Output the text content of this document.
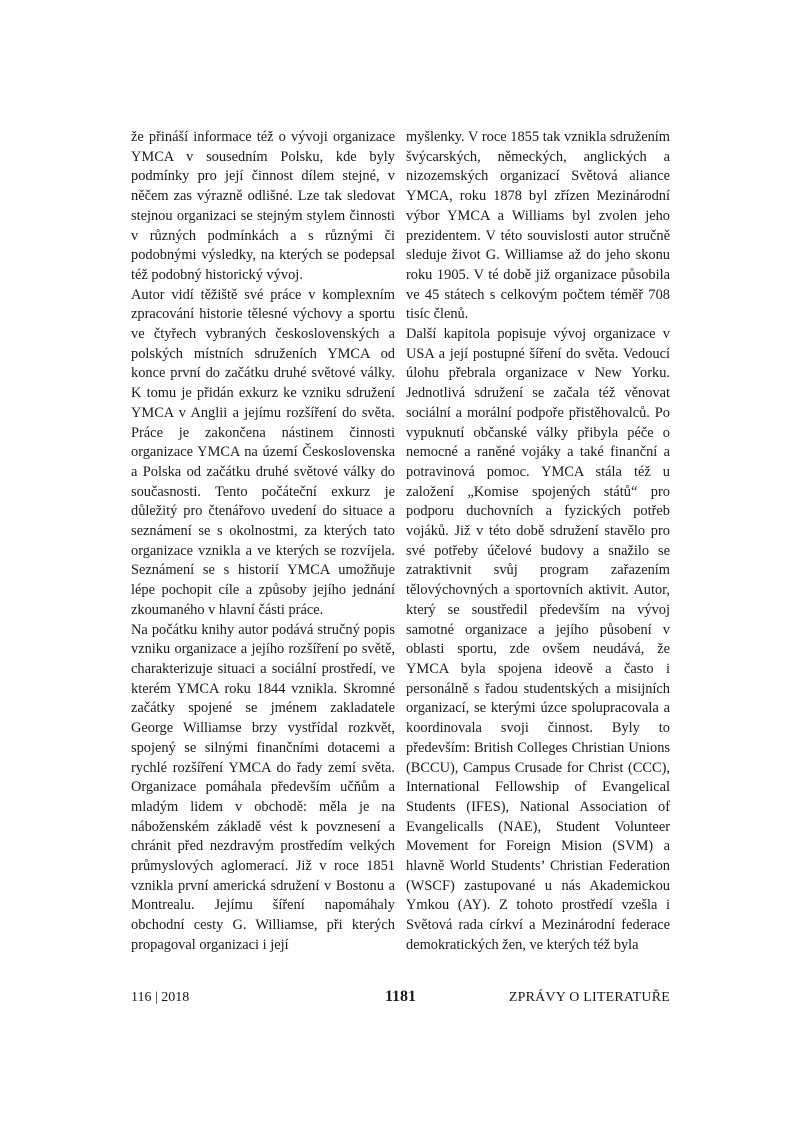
že přináší informace též o vývoji organizace YMCA v sousedním Polsku, kde byly podmínky pro její činnost dílem stejné, v něčem zas výrazně odlišné. Lze tak sledovat stejnou organizaci se stejným stylem činnosti v různých podmínkách a s různými či podobnými výsledky, na kterých se podepsal též podobný historický vývoj.

Autor vidí těžiště své práce v komplexním zpracování historie tělesné výchovy a sportu ve čtyřech vybraných československých a polských místních sdruženích YMCA od konce první do začátku druhé světové války. K tomu je přidán exkurz ke vzniku sdružení YMCA v Anglii a jejímu rozšíření do světa. Práce je zakončena nástinem činnosti organizace YMCA na území Československa a Polska od začátku druhé světové války do současnosti. Tento počáteční exkurz je důležitý pro čtenářovo uvedení do situace a seznámení se s okolnostmi, za kterých tato organizace vznikla a ve kterých se rozvíjela. Seznámení se s historií YMCA umožňuje lépe pochopit cíle a způsoby jejího jednání zkoumaného v hlavní části práce.

Na počátku knihy autor podává stručný popis vzniku organizace a jejího rozšíření po světě, charakterizuje situaci a sociální prostředí, ve kterém YMCA roku 1844 vznikla. Skromné začátky spojené se jménem zakladatele George Williamse brzy vystřídal rozkvět, spojený se silnými finančními dotacemi a rychlé rozšíření YMCA do řady zemí světa. Organizace pomáhala především učňům a mladým lidem v obchodě: měla je na náboženském základě vést k povznesení a chránit před nezdravým prostředím velkých průmyslových aglomerací. Již v roce 1851 vznikla první americká sdružení v Bostonu a Montrealu. Jejímu šíření napomáhaly obchodní cesty G. Williamse, při kterých propagoval organizaci i její

myšlenky. V roce 1855 tak vznikla sdružením švýcarských, německých, anglických a nizozemských organizací Světová aliance YMCA, roku 1878 byl zřízen Mezinárodní výbor YMCA a Williams byl zvolen jeho prezidentem. V této souvislosti autor stručně sleduje život G. Williamse až do jeho skonu roku 1905. V té době již organizace působila ve 45 státech s celkovým počtem téměř 708 tisíc členů.

Další kapitola popisuje vývoj organizace v USA a její postupné šíření do světa. Vedoucí úlohu přebrala organizace v New Yorku. Jednotlivá sdružení se začala též věnovat sociální a morální podpoře přistěhovalců. Po vypuknutí občanské války přibyla péče o nemocné a raněné vojáky a také finanční a potravinová pomoc. YMCA stála též u založení „Komise spojených států“ pro podporu duchovních a fyzických potřeb vojáků. Již v této době sdružení stavělo pro své potřeby účelové budovy a snažilo se zatraktivnit svůj program zařazením tělovýchovných a sportovních aktivit. Autor, který se soustředil především na vývoj samotné organizace a jejího působení v oblasti sportu, zde ovšem neudává, že YMCA byla spojena ideově a často i personálně s řadou studentských a misijních organizací, se kterými úzce spolupracovala a koordinovala svoji činnost. Byly to především: British Colleges Christian Unions (BCCU), Campus Crusade for Christ (CCC), International Fellowship of Evangelical Students (IFES), National Association of Evangelicalls (NAE), Student Volunteer Movement for Foreign Mision (SVM) a hlavně World Students’ Christian Federation (WSCF) zastupované u nás Akademickou Ymkou (AY). Z tohoto prostředí vzešla i Světová rada církví a Mezinárodní federace demokratických žen, ve kterých též byla

116 | 2018	1181	ZPRÁVY O LITERATUŘE
